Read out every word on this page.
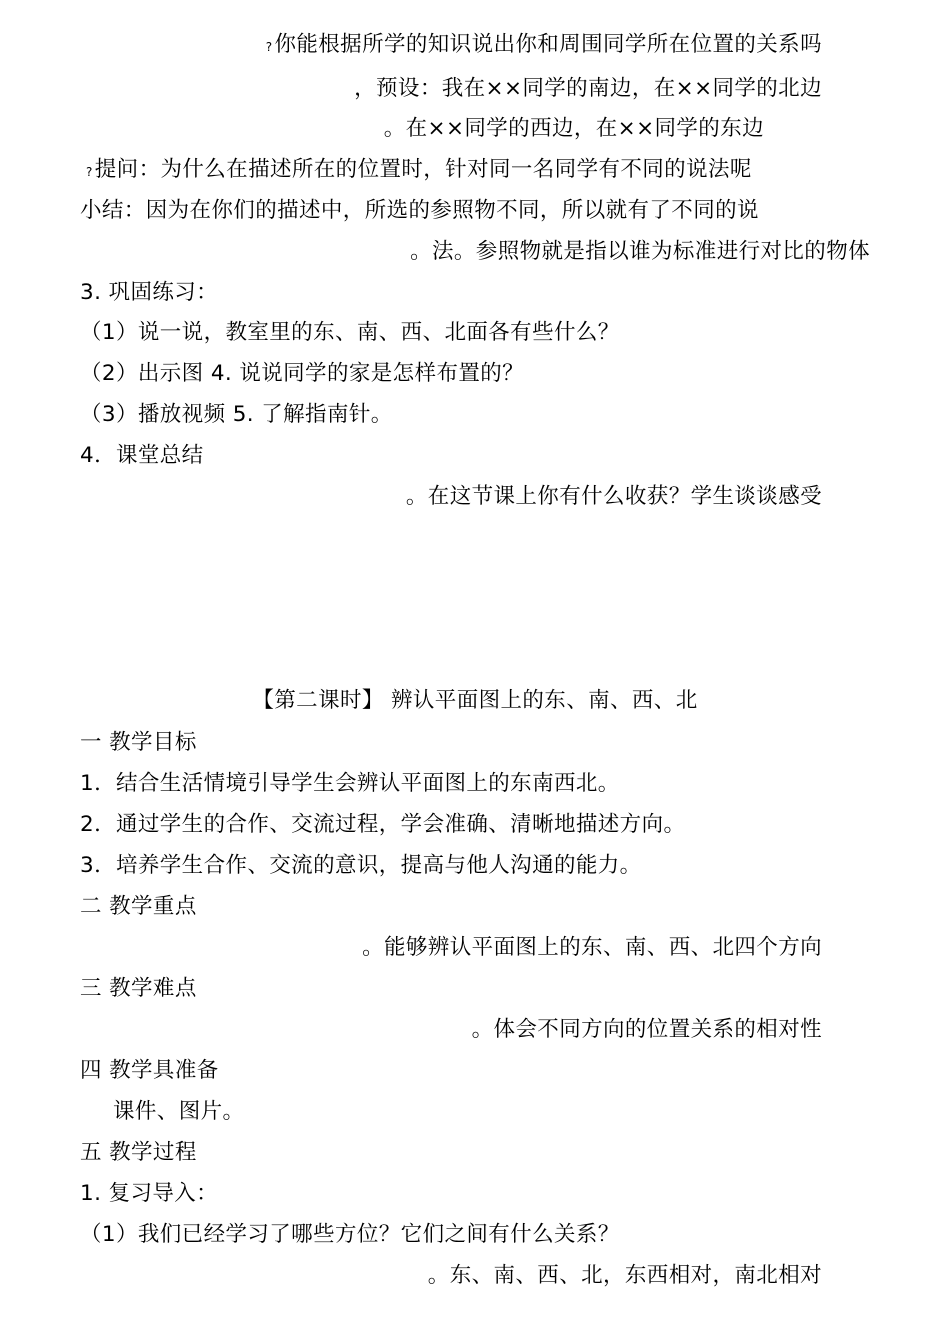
?你能根据所学的知识说出你和周围同学所在位置的关系吗
，预设：我在××同学的南边，在××同学的北边
。在××同学的西边，在××同学的东边
?提问：为什么在描述所在的位置时，针对同一名同学有不同的说法呢
小结：因为在你们的描述中，所选的参照物不同，所以就有了不同的说
。法。参照物就是指以谁为标准进行对比的物体
3. 巩固练习：
（1）说一说，教室里的东、南、西、北面各有些什么？
（2）出示图 4. 说说同学的家是怎样布置的？
（3）播放视频 5. 了解指南针。
4．课堂总结
。在这节课上你有什么收获？学生谈谈感受
【第二课时】 辨认平面图上的东、南、西、北
一 教学目标
1．结合生活情境引导学生会辨认平面图上的东南西北。
2．通过学生的合作、交流过程，学会准确、清晰地描述方向。
3．培养学生合作、交流的意识，提高与他人沟通的能力。
二 教学重点
。能够辨认平面图上的东、南、西、北四个方向
三 教学难点
。体会不同方向的位置关系的相对性
四 教学具准备
课件、图片。
五 教学过程
1. 复习导入：
（1）我们已经学习了哪些方位？它们之间有什么关系？
。东、南、西、北，东西相对，南北相对
